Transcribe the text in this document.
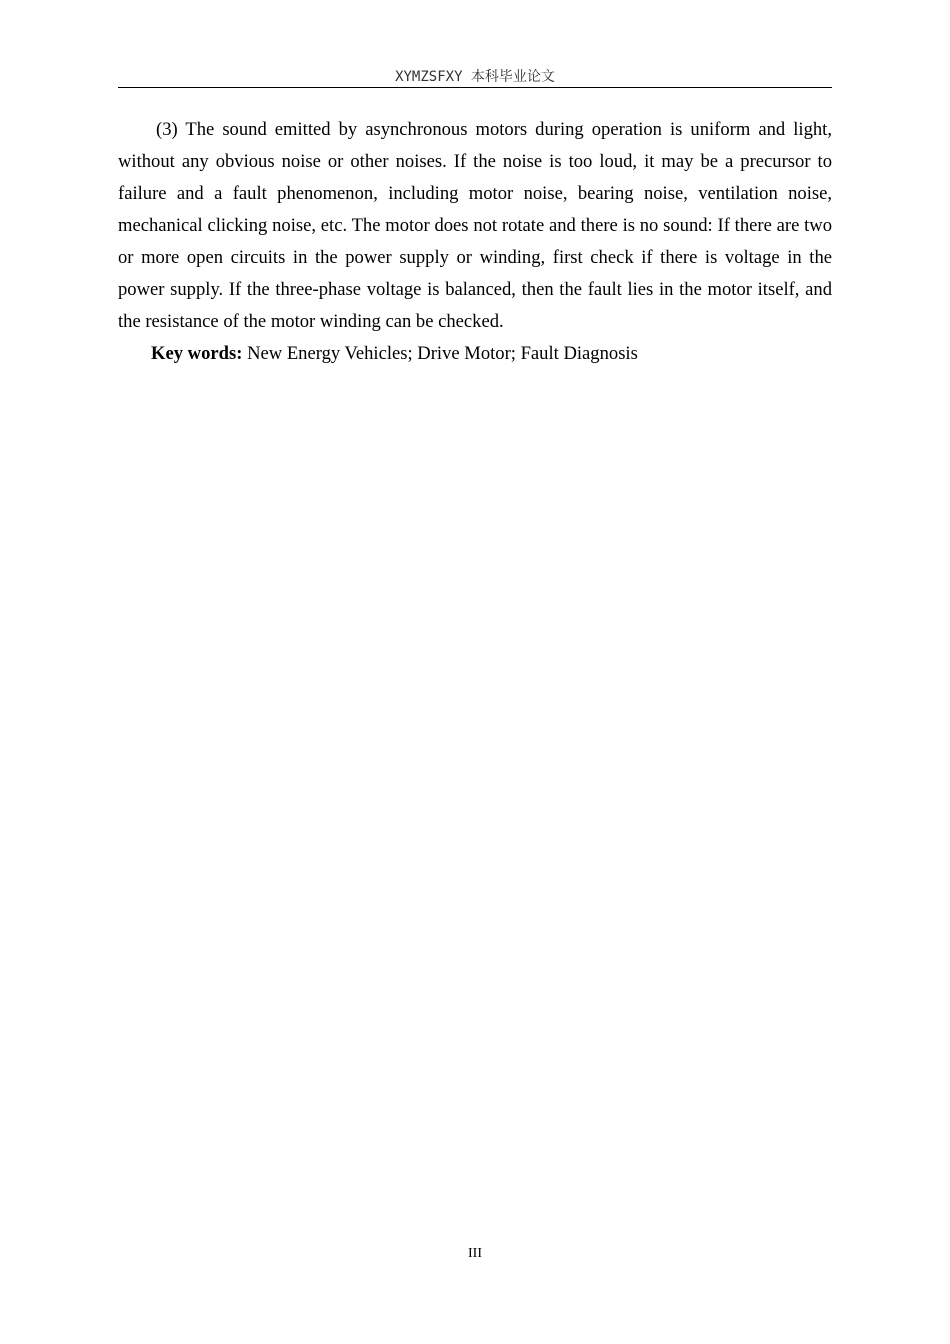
XYMZSFXY 本科毕业论文

(3) The sound emitted by asynchronous motors during operation is uniform and light, without any obvious noise or other noises. If the noise is too loud, it may be a precursor to failure and a fault phenomenon, including motor noise, bearing noise, ventilation noise, mechanical clicking noise, etc. The motor does not rotate and there is no sound: If there are two or more open circuits in the power supply or winding, first check if there is voltage in the power supply. If the three-phase voltage is balanced, then the fault lies in the motor itself, and the resistance of the motor winding can be checked.

Key words: New Energy Vehicles; Drive Motor; Fault Diagnosis

III
